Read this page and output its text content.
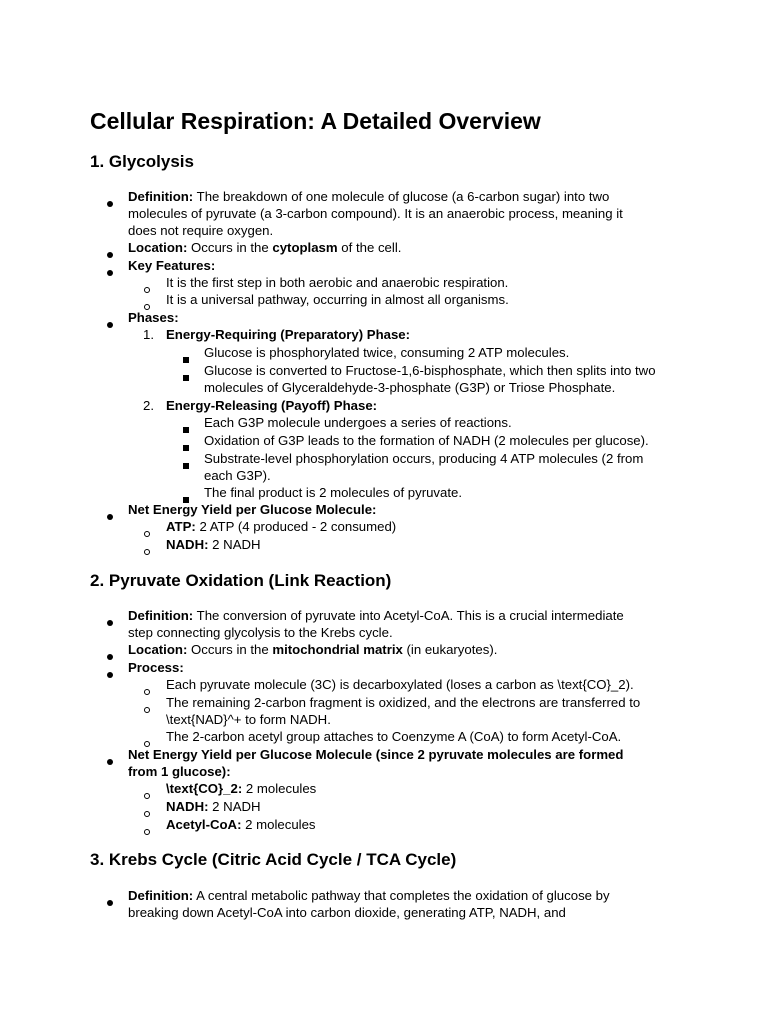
Cellular Respiration: A Detailed Overview
1. Glycolysis
Definition: The breakdown of one molecule of glucose (a 6-carbon sugar) into two
molecules of pyruvate (a 3-carbon compound). It is an anaerobic process, meaning it
does not require oxygen.
Location: Occurs in the cytoplasm of the cell.
Key Features:
It is the first step in both aerobic and anaerobic respiration.
It is a universal pathway, occurring in almost all organisms.
Phases:
1. Energy-Requiring (Preparatory) Phase:
Glucose is phosphorylated twice, consuming 2 ATP molecules.
Glucose is converted to Fructose-1,6-bisphosphate, which then splits into two
molecules of Glyceraldehyde-3-phosphate (G3P) or Triose Phosphate.
2. Energy-Releasing (Payoff) Phase:
Each G3P molecule undergoes a series of reactions.
Oxidation of G3P leads to the formation of NADH (2 molecules per glucose).
Substrate-level phosphorylation occurs, producing 4 ATP molecules (2 from
each G3P).
The final product is 2 molecules of pyruvate.
Net Energy Yield per Glucose Molecule:
ATP: 2 ATP (4 produced - 2 consumed)
NADH: 2 NADH
2. Pyruvate Oxidation (Link Reaction)
Definition: The conversion of pyruvate into Acetyl-CoA. This is a crucial intermediate
step connecting glycolysis to the Krebs cycle.
Location: Occurs in the mitochondrial matrix (in eukaryotes).
Process:
Each pyruvate molecule (3C) is decarboxylated (loses a carbon as \text{CO}_2).
The remaining 2-carbon fragment is oxidized, and the electrons are transferred to
\text{NAD}^+ to form NADH.
The 2-carbon acetyl group attaches to Coenzyme A (CoA) to form Acetyl-CoA.
Net Energy Yield per Glucose Molecule (since 2 pyruvate molecules are formed
from 1 glucose):
\text{CO}_2: 2 molecules
NADH: 2 NADH
Acetyl-CoA: 2 molecules
3. Krebs Cycle (Citric Acid Cycle / TCA Cycle)
Definition: A central metabolic pathway that completes the oxidation of glucose by
breaking down Acetyl-CoA into carbon dioxide, generating ATP, NADH, and
